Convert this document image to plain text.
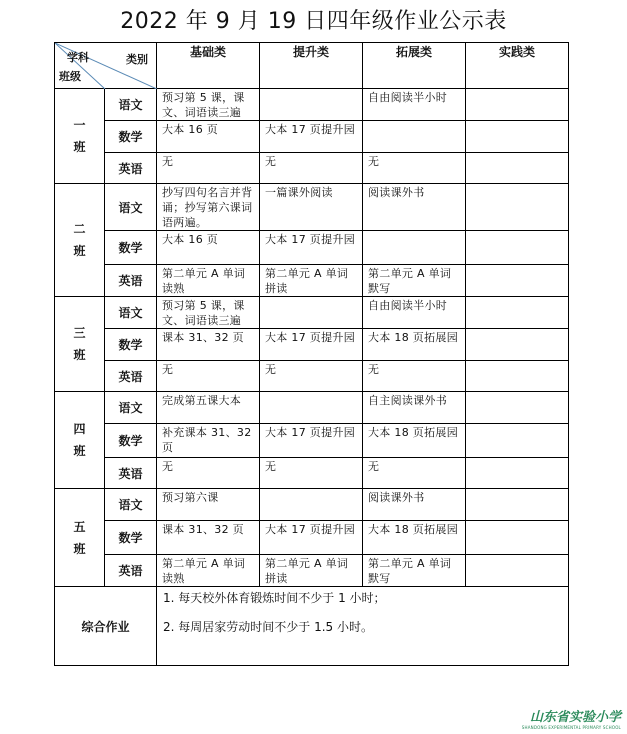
2022 年 9 月 19 日四年级作业公示表
学科 类别
班级		基础类	提升类	拓展类	实践类

一
班	语文	预习第 5 课，课文、词语读三遍		自由阅读半小时	
	数学	大本 16 页	大本 17 页提升园		
	英语	无	无	无	

二
班	语文	抄写四句名言并背诵；抄写第六课词语两遍。	一篇课外阅读	阅读课外书	
	数学	大本 16 页	大本 17 页提升园		
	英语	第二单元 A 单词读熟	第二单元 A 单词拼读	第二单元 A 单词默写	

三
班	语文	预习第 5 课，课文、词语读三遍		自由阅读半小时	
	数学	课本 31、32 页	大本 17 页提升园	大本 18 页拓展园	
	英语	无	无	无	

四
班	语文	完成第五课大本		自主阅读课外书	
	数学	补充课本 31、32 页	大本 17 页提升园	大本 18 页拓展园	
	英语	无	无	无	

五
班	语文	预习第六课		阅读课外书	
	数学	课本 31、32 页	大本 17 页提升园	大本 18 页拓展园	
	英语	第二单元 A 单词读熟	第二单元 A 单词拼读	第二单元 A 单词默写	
综合作业		1. 每天校外体育锻炼时间不少于 1 小时；
2. 每周居家劳动时间不少于 1.5 小时。			
山东省实验小学
SHANDONG EXPERIMENTAL PRIMARY SCHOOL
